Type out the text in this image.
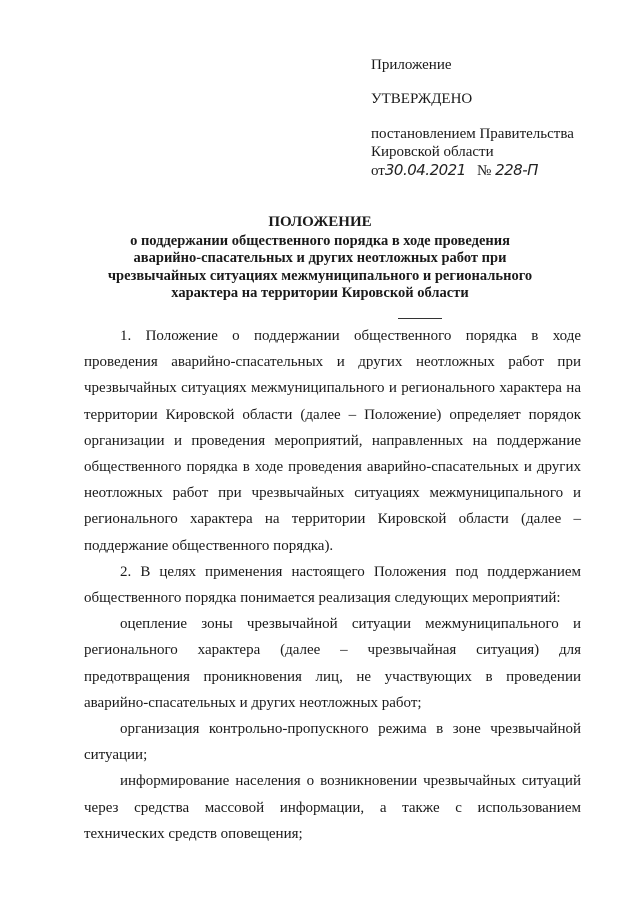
Приложение
УТВЕРЖДЕНО
постановлением Правительства
Кировской области
от30.04.2021 № 228-П
ПОЛОЖЕНИЕ
о поддержании общественного порядка в ходе проведения
аварийно-спасательных и других неотложных работ при
чрезвычайных ситуациях межмуниципального и регионального
характера на территории Кировской области

1. Положение о поддержании общественного порядка в ходе проведения аварийно-спасательных и других неотложных работ при чрезвычайных ситуациях межмуниципального и регионального характера на территории Кировской области (далее – Положение) определяет порядок организации и проведения мероприятий, направленных на поддержание общественного порядка в ходе проведения аварийно-спасательных и других неотложных работ при чрезвычайных ситуациях межмуниципального и регионального характера на территории Кировской области (далее – поддержание общественного порядка).

2. В целях применения настоящего Положения под поддержанием общественного порядка понимается реализация следующих мероприятий:

оцепление зоны чрезвычайной ситуации межмуниципального и регионального характера (далее – чрезвычайная ситуация) для предотвращения проникновения лиц, не участвующих в проведении аварийно-спасательных и других неотложных работ;

организация контрольно-пропускного режима в зоне чрезвычайной ситуации;

информирование населения о возникновении чрезвычайных ситуаций через средства массовой информации, а также с использованием технических средств оповещения;
